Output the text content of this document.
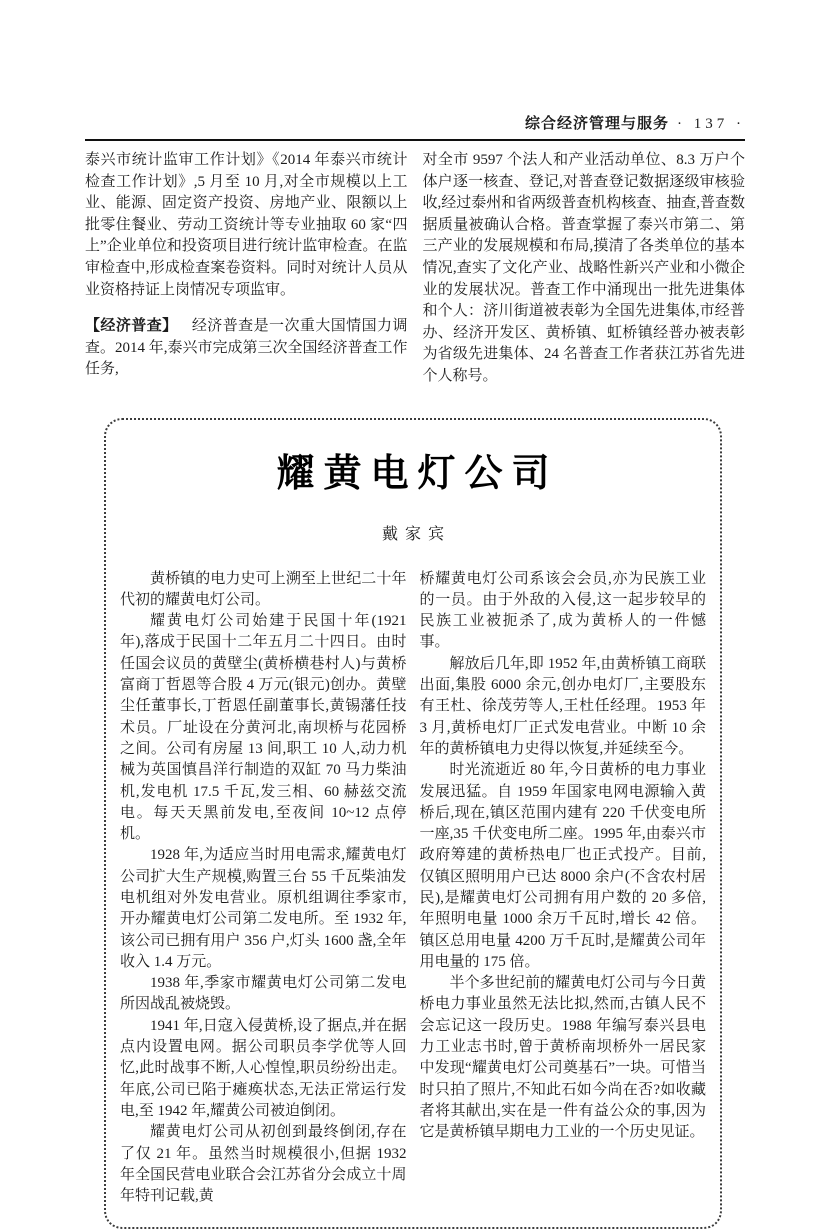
综合经济管理与服务 · 137 ·

泰兴市统计监审工作计划》《2014 年泰兴市统计检查工作计划》,5 月至 10 月,对全市规模以上工业、能源、固定资产投资、房地产业、限额以上批零住餐业、劳动工资统计等专业抽取 60 家“四上”企业单位和投资项目进行统计监审检查。在监审检查中,形成检查案卷资料。同时对统计人员从业资格持证上岗情况专项监审。

【经济普查】 经济普查是一次重大国情国力调查。2014 年,泰兴市完成第三次全国经济普查工作任务,

对全市 9597 个法人和产业活动单位、8.3 万户个体户逐一核查、登记,对普查登记数据逐级审核验收,经过泰州和省两级普查机构核查、抽查,普查数据质量被确认合格。普查掌握了泰兴市第二、第三产业的发展规模和布局,摸清了各类单位的基本情况,查实了文化产业、战略性新兴产业和小微企业的发展状况。普查工作中涌现出一批先进集体和个人：济川街道被表彰为全国先进集体,市经普办、经济开发区、黄桥镇、虹桥镇经普办被表彰为省级先进集体、24 名普查工作者获江苏省先进个人称号。

耀黄电灯公司
戴家宾

黄桥镇的电力史可上溯至上世纪二十年代初的耀黄电灯公司。

耀黄电灯公司始建于民国十年(1921 年),落成于民国十二年五月二十四日。由时任国会议员的黄壁尘(黄桥横巷村人)与黄桥富商丁哲恩等合股 4 万元(银元)创办。黄壁尘任董事长,丁哲恩任副董事长,黄锡藩任技术员。厂址设在分黄河北,南坝桥与花园桥之间。公司有房屋 13 间,职工 10 人,动力机械为英国慎昌洋行制造的双缸 70 马力柴油机,发电机 17.5 千瓦,发三相、60 赫兹交流电。每天天黑前发电,至夜间 10~12 点停机。

1928 年,为适应当时用电需求,耀黄电灯公司扩大生产规模,购置三台 55 千瓦柴油发电机组对外发电营业。原机组调往季家市,开办耀黄电灯公司第二发电所。至 1932 年,该公司已拥有用户 356 户,灯头 1600 盏,全年收入 1.4 万元。

1938 年,季家市耀黄电灯公司第二发电所因战乱被烧毁。

1941 年,日寇入侵黄桥,设了据点,并在据点内设置电网。据公司职员李学优等人回忆,此时战事不断,人心惶惶,职员纷纷出走。年底,公司已陷于瘫痪状态,无法正常运行发电,至 1942 年,耀黄公司被迫倒闭。

耀黄电灯公司从初创到最终倒闭,存在了仅 21 年。虽然当时规模很小,但据 1932 年全国民营电业联合会江苏省分会成立十周年特刊记载,黄

桥耀黄电灯公司系该会会员,亦为民族工业的一员。由于外敌的入侵,这一起步较早的民族工业被扼杀了,成为黄桥人的一件憾事。

解放后几年,即 1952 年,由黄桥镇工商联出面,集股 6000 余元,创办电灯厂,主要股东有王杜、徐茂劳等人,王杜任经理。1953 年 3 月,黄桥电灯厂正式发电营业。中断 10 余年的黄桥镇电力史得以恢复,并延续至今。

时光流逝近 80 年,今日黄桥的电力事业发展迅猛。自 1959 年国家电网电源输入黄桥后,现在,镇区范围内建有 220 千伏变电所一座,35 千伏变电所二座。1995 年,由泰兴市政府筹建的黄桥热电厂也正式投产。目前,仅镇区照明用户已达 8000 余户(不含农村居民),是耀黄电灯公司拥有用户数的 20 多倍,年照明电量 1000 余万千瓦时,增长 42 倍。镇区总用电量 4200 万千瓦时,是耀黄公司年用电量的 175 倍。

半个多世纪前的耀黄电灯公司与今日黄桥电力事业虽然无法比拟,然而,古镇人民不会忘记这一段历史。1988 年编写泰兴县电力工业志书时,曾于黄桥南坝桥外一居民家中发现“耀黄电灯公司奠基石”一块。可惜当时只拍了照片,不知此石如今尚在否?如收藏者将其献出,实在是一件有益公众的事,因为它是黄桥镇早期电力工业的一个历史见证。
